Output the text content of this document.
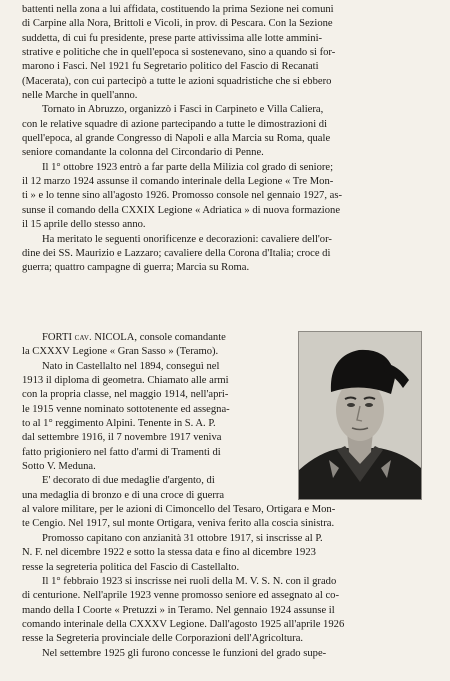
battenti nella zona a lui affidata, costituendo la prima Sezione nei comuni
di Carpine alla Nora, Brittoli e Vicoli, in prov. di Pescara. Con la Sezione
suddetta, di cui fu presidente, prese parte attivissima alle lotte ammini-
strative e politiche che in quell'epoca si sostenevano, sino a quando si for-
marono i Fasci. Nel 1921 fu Segretario politico del Fascio di Recanati
(Macerata), con cui partecipò a tutte le azioni squadristiche che si ebbero
nelle Marche in quell'anno.

Tornato in Abruzzo, organizzò i Fasci in Carpineto e Villa Caliera,
con le relative squadre di azione partecipando a tutte le dimostrazioni di
quell'epoca, al grande Congresso di Napoli e alla Marcia su Roma, quale
seniore comandante la colonna del Circondario di Penne.

Il 1° ottobre 1923 entrò a far parte della Milizia col grado di seniore;
il 12 marzo 1924 assunse il comando interinale della Legione « Tre Mon-
ti » e lo tenne sino all'agosto 1926. Promosso console nel gennaio 1927, as-
sunse il comando della CXXIX Legione « Adriatica » di nuova formazione
il 15 aprile dello stesso anno.

Ha meritato le seguenti onorificenze e decorazioni: cavaliere dell'or-
dine dei SS. Maurizio e Lazzaro; cavaliere della Corona d'Italia; croce di
guerra; quattro campagne di guerra; Marcia su Roma.

FORTI cav. NICOLA, console comandante
la CXXXV Legione « Gran Sasso » (Teramo).

Nato in Castellalto nel 1894, conseguì nel
1913 il diploma di geometra. Chiamato alle armi
con la propria classe, nel maggio 1914, nell'apri-
le 1915 venne nominato sottotenente ed assegna-
to al 1° reggimento Alpini. Tenente in S. A. P.
dal settembre 1916, il 7 novembre 1917 veniva
fatto prigioniero nel fatto d'armi di Tramenti di
Sotto V. Meduna.

E' decorato di due medaglie d'argento, di
una medaglia di bronzo e di una croce di guerra

al valore militare, per le azioni di Cimoncello del Tesaro, Ortigara e Mon-
te Cengio. Nel 1917, sul monte Ortigara, veniva ferito alla coscia sinistra.

Promosso capitano con anzianità 31 ottobre 1917, si inscrisse al P.
N. F. nel dicembre 1922 e sotto la stessa data e fino al dicembre 1923
resse la segreteria politica del Fascio di Castellalto.

Il 1° febbraio 1923 si inscrisse nei ruoli della M. V. S. N. con il grado
di centurione. Nell'aprile 1923 venne promosso seniore ed assegnato al co-
mando della I Coorte « Pretuzzi » in Teramo. Nel gennaio 1924 assunse il
comando interinale della CXXXV Legione. Dall'agosto 1925 all'aprile 1926
resse la Segreteria provinciale delle Corporazioni dell'Agricoltura.

Nel settembre 1925 gli furono concesse le funzioni del grado supe-
